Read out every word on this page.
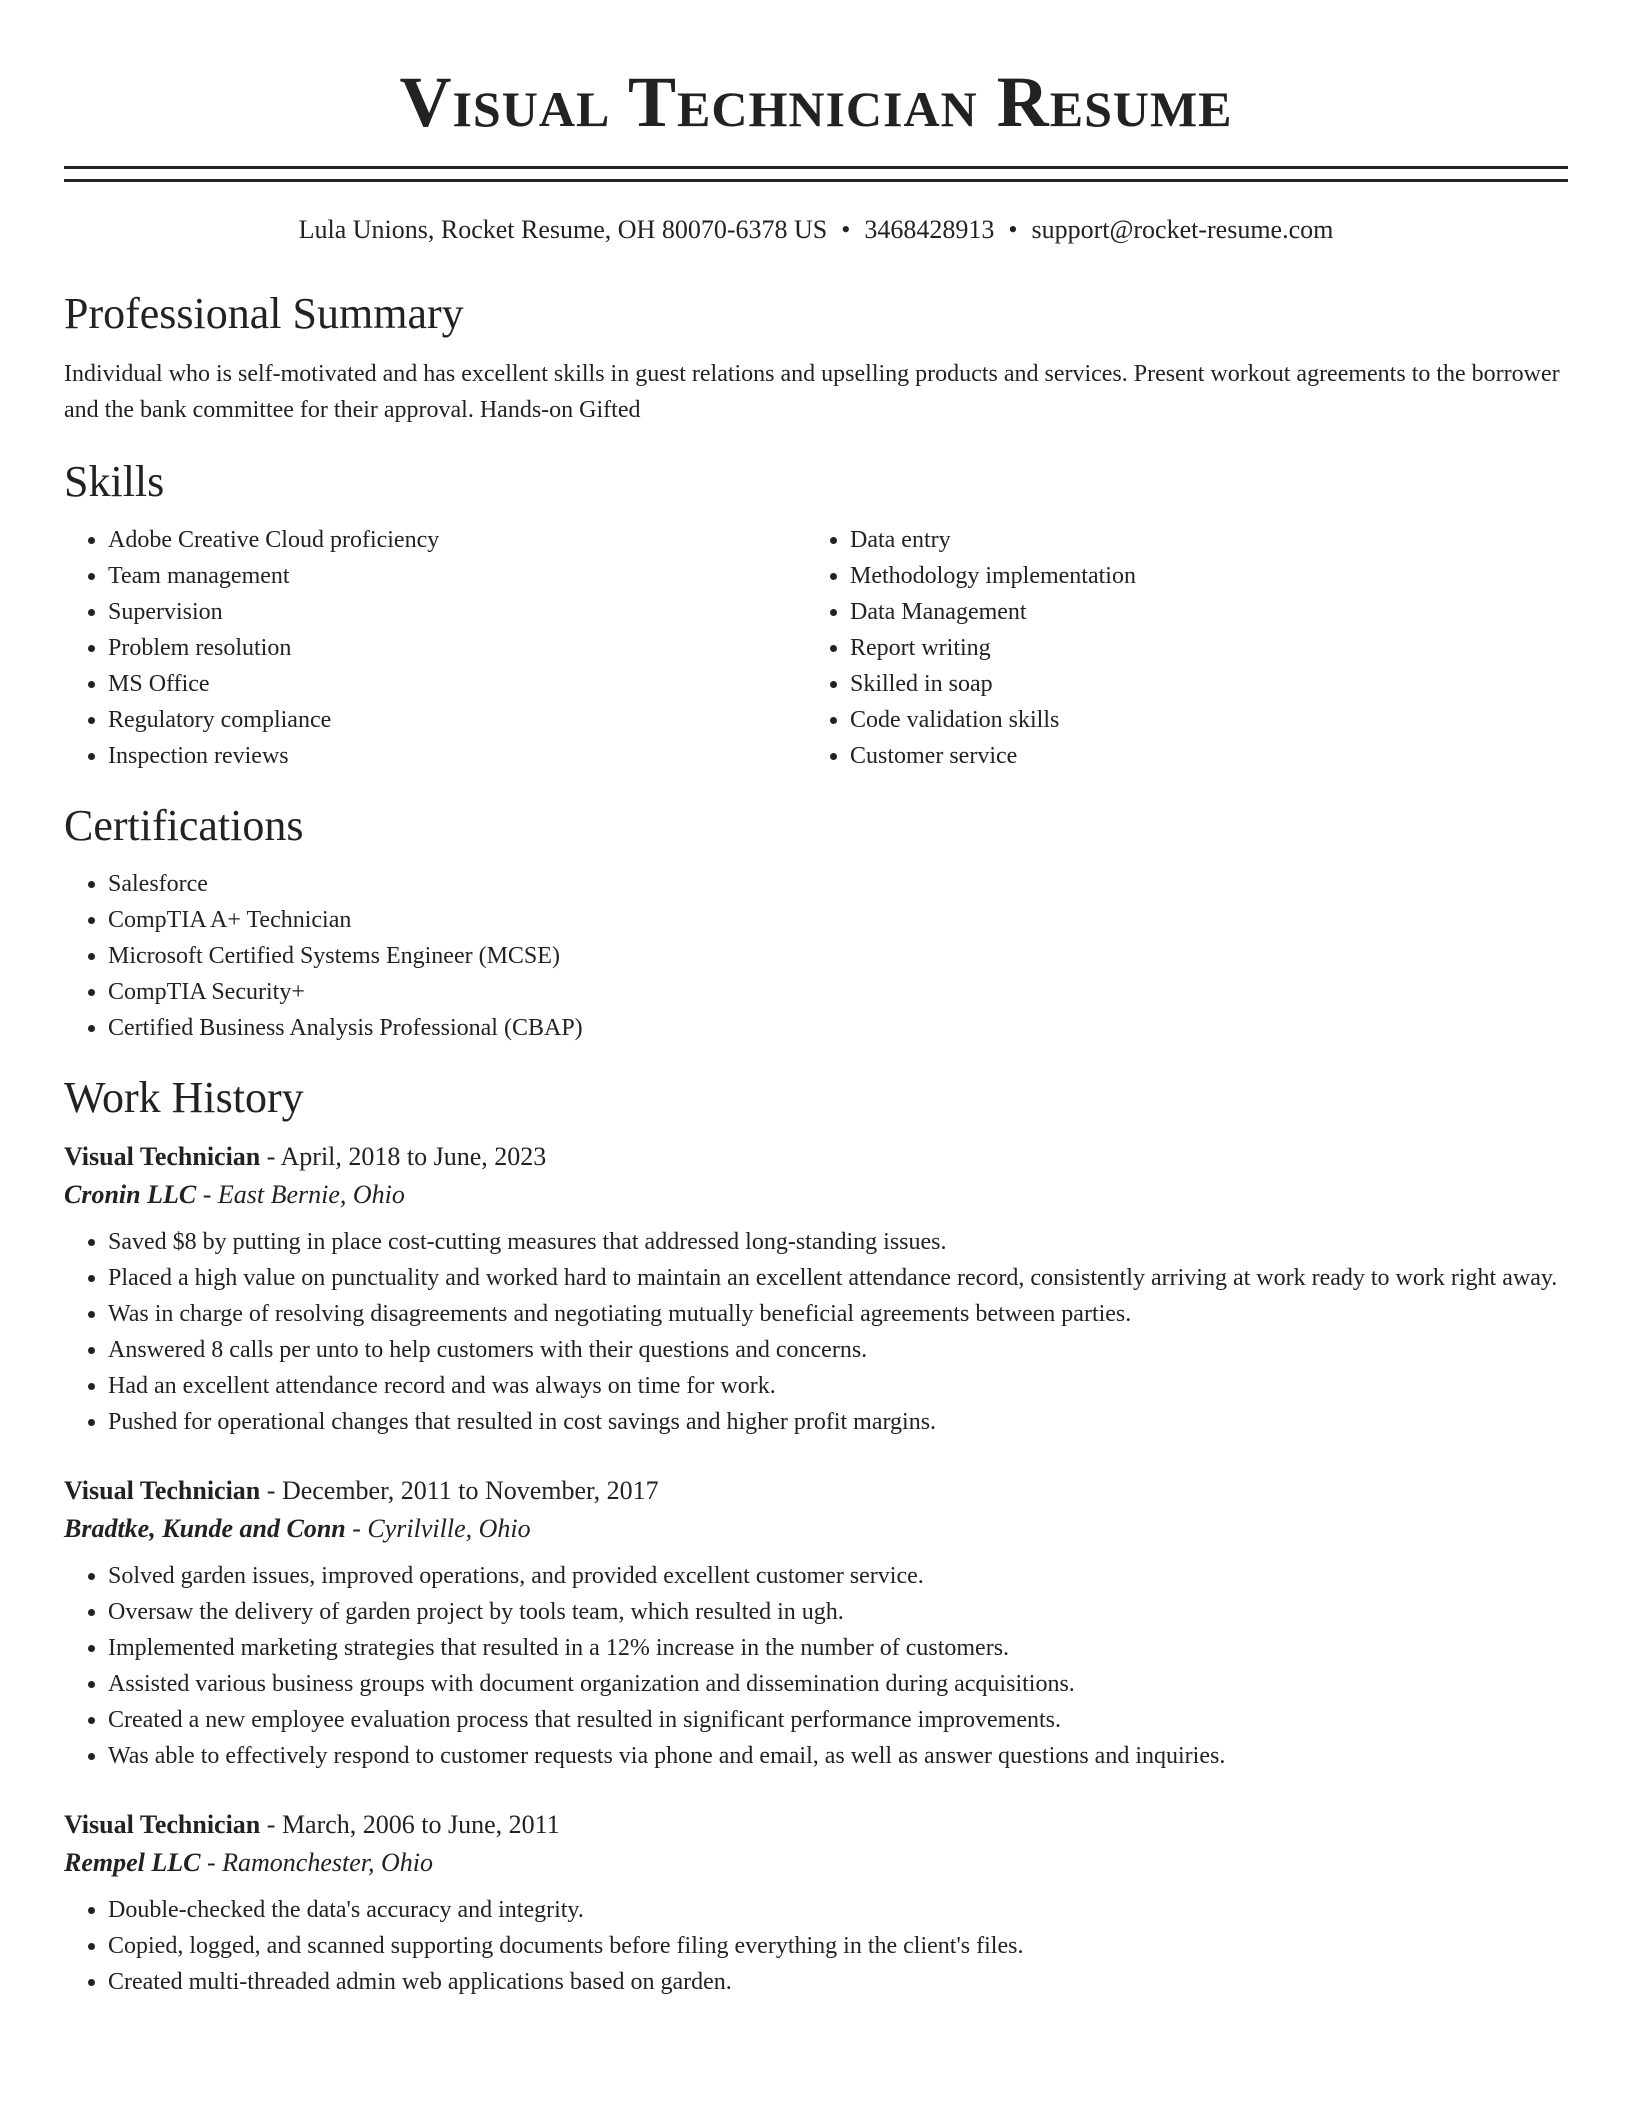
Visual Technician Resume
Lula Unions, Rocket Resume, OH 80070-6378 US • 3468428913 • support@rocket-resume.com
Professional Summary
Individual who is self-motivated and has excellent skills in guest relations and upselling products and services. Present workout agreements to the borrower and the bank committee for their approval. Hands-on Gifted
Skills
• Adobe Creative Cloud proficiency
• Team management
• Supervision
• Problem resolution
• MS Office
• Regulatory compliance
• Inspection reviews
• Data entry
• Methodology implementation
• Data Management
• Report writing
• Skilled in soap
• Code validation skills
• Customer service
Certifications
• Salesforce
• CompTIA A+ Technician
• Microsoft Certified Systems Engineer (MCSE)
• CompTIA Security+
• Certified Business Analysis Professional (CBAP)
Work History
Visual Technician - April, 2018 to June, 2023
Cronin LLC - East Bernie, Ohio
• Saved $8 by putting in place cost-cutting measures that addressed long-standing issues.
• Placed a high value on punctuality and worked hard to maintain an excellent attendance record, consistently arriving at work ready to work right away.
• Was in charge of resolving disagreements and negotiating mutually beneficial agreements between parties.
• Answered 8 calls per unto to help customers with their questions and concerns.
• Had an excellent attendance record and was always on time for work.
• Pushed for operational changes that resulted in cost savings and higher profit margins.
Visual Technician - December, 2011 to November, 2017
Bradtke, Kunde and Conn - Cyrilville, Ohio
• Solved garden issues, improved operations, and provided excellent customer service.
• Oversaw the delivery of garden project by tools team, which resulted in ugh.
• Implemented marketing strategies that resulted in a 12% increase in the number of customers.
• Assisted various business groups with document organization and dissemination during acquisitions.
• Created a new employee evaluation process that resulted in significant performance improvements.
• Was able to effectively respond to customer requests via phone and email, as well as answer questions and inquiries.
Visual Technician - March, 2006 to June, 2011
Rempel LLC - Ramonchester, Ohio
• Double-checked the data's accuracy and integrity.
• Copied, logged, and scanned supporting documents before filing everything in the client's files.
• Created multi-threaded admin web applications based on garden.
